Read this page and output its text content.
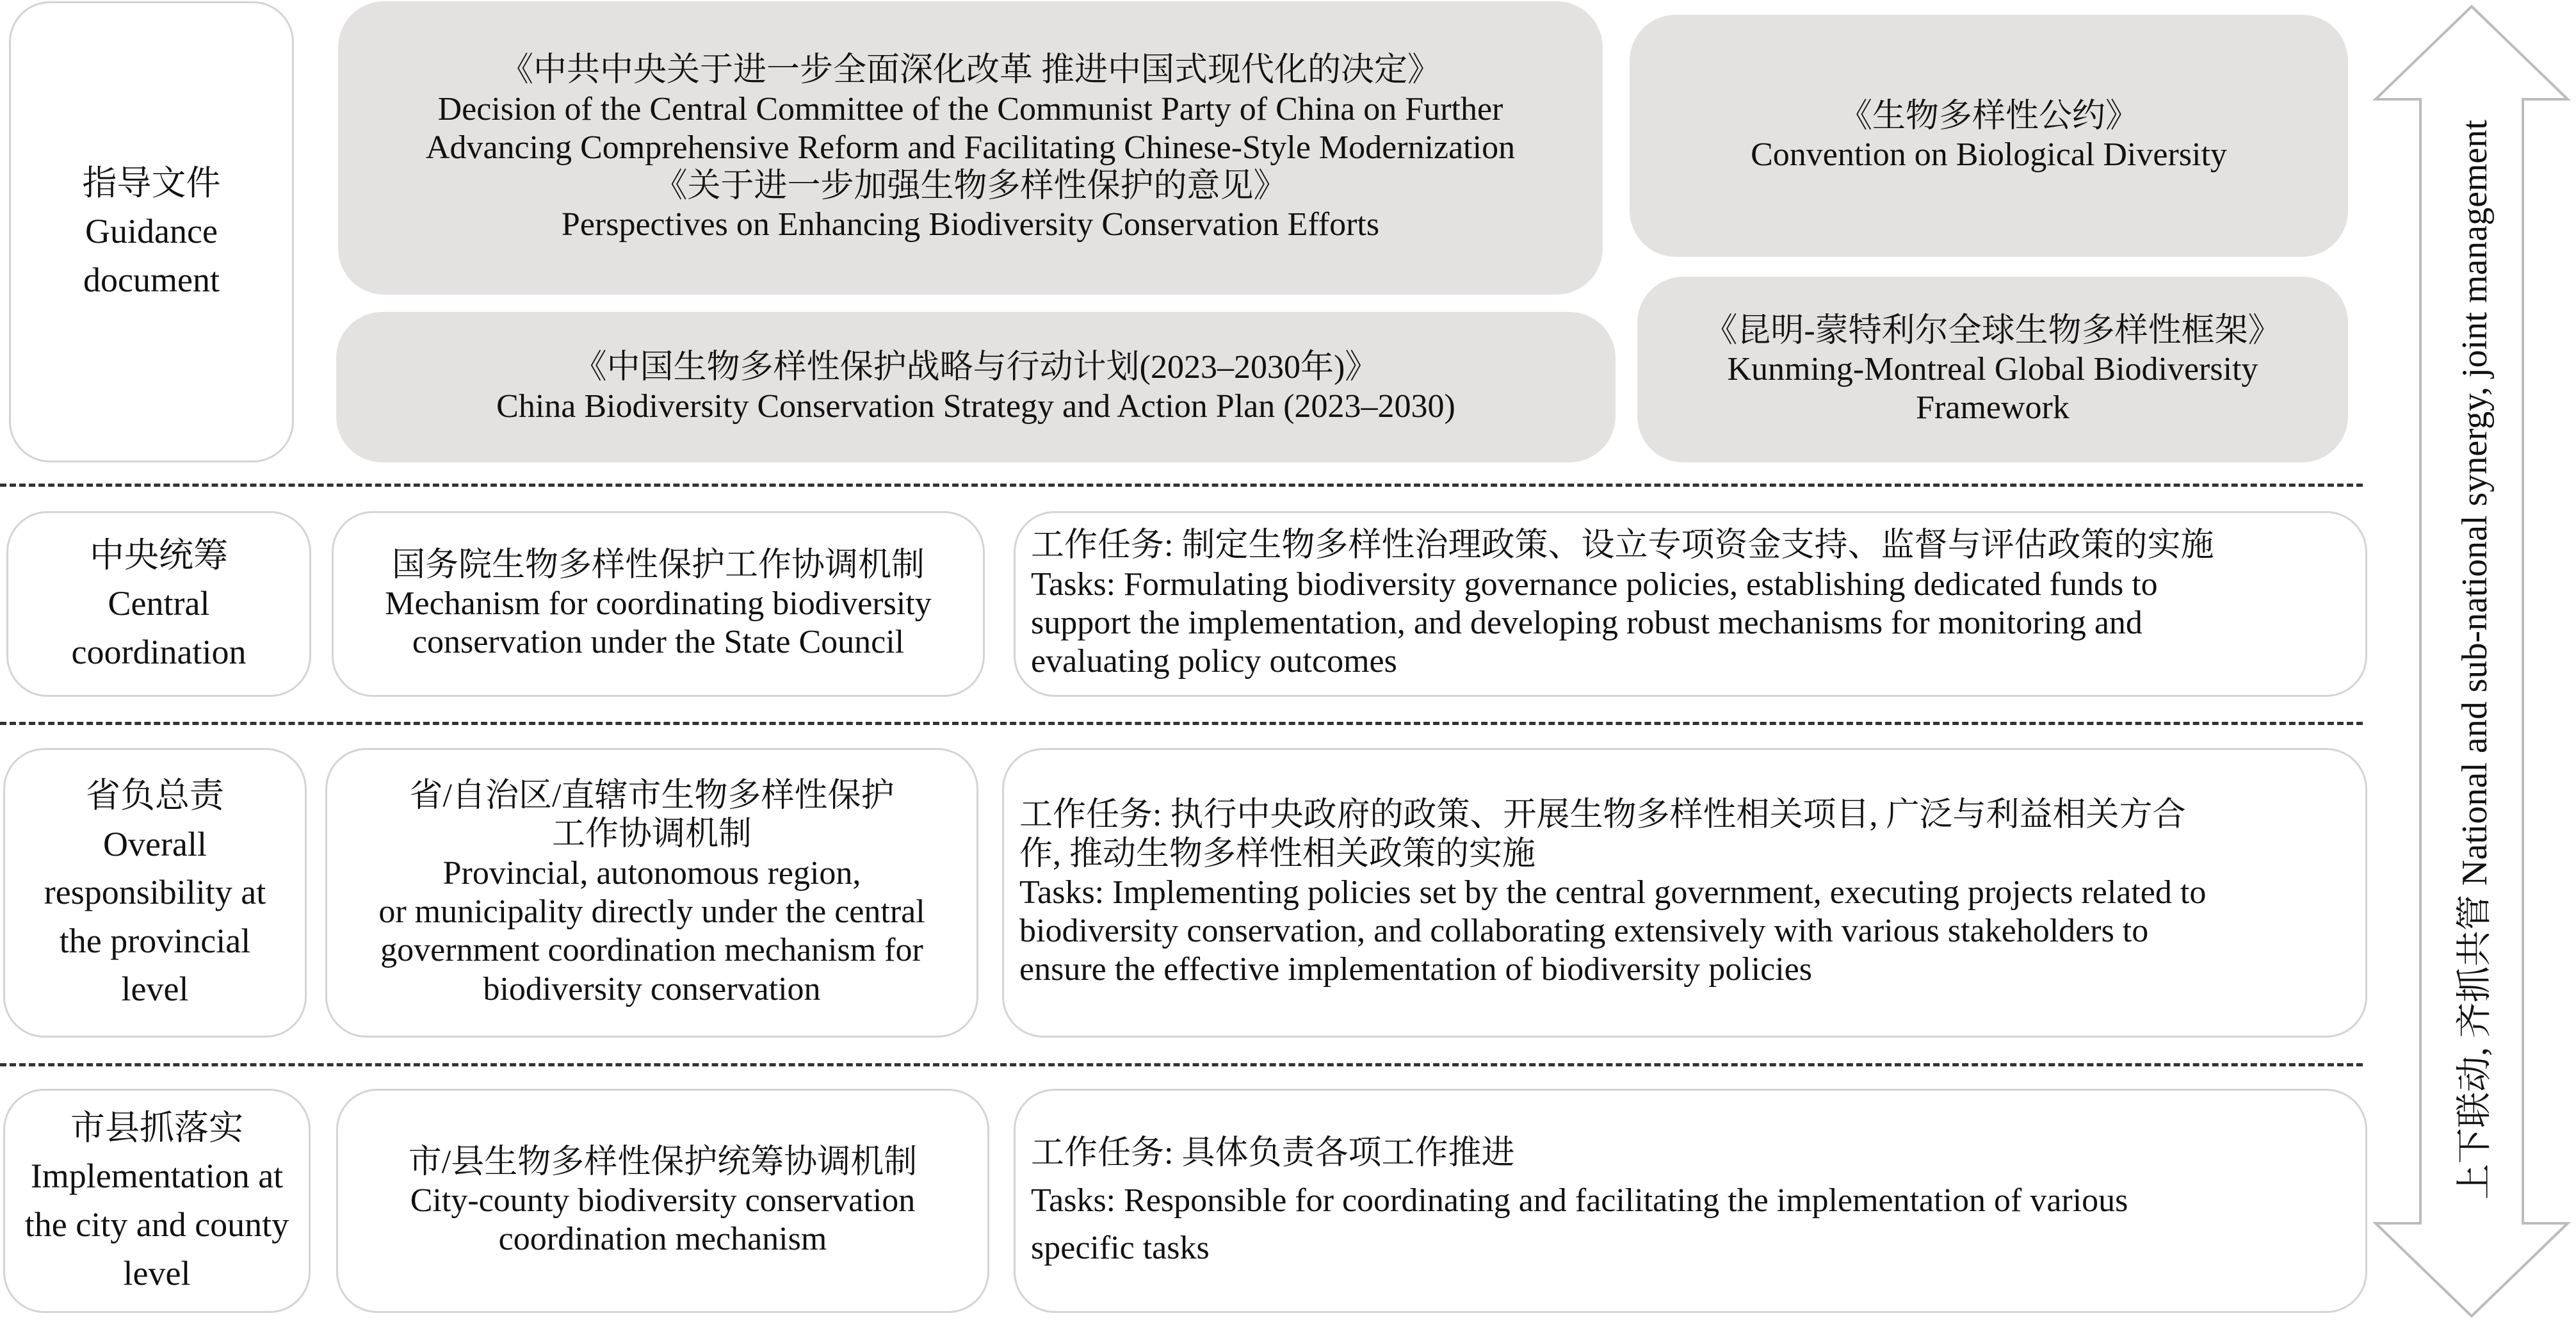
指导文件
Guidance
document
《中共中央关于进一步全面深化改革 推进中国式现代化的决定》
Decision of the Central Committee of the Communist Party of China on Further
Advancing Comprehensive Reform and Facilitating Chinese-Style Modernization
《关于进一步加强生物多样性保护的意见》
Perspectives on Enhancing Biodiversity Conservation Efforts
《生物多样性公约》
Convention on Biological Diversity
《中国生物多样性保护战略与行动计划(2023–2030年)》
China Biodiversity Conservation Strategy and Action Plan (2023–2030)
《昆明-蒙特利尔全球生物多样性框架》
Kunming-Montreal Global Biodiversity
Framework
中央统筹
Central
coordination
国务院生物多样性保护工作协调机制
Mechanism for coordinating biodiversity
conservation under the State Council
工作任务: 制定生物多样性治理政策、设立专项资金支持、监督与评估政策的实施
Tasks: Formulating biodiversity governance policies, establishing dedicated funds to
support the implementation, and developing robust mechanisms for monitoring and
evaluating policy outcomes
省负总责
Overall
responsibility at
the provincial
level
省/自治区/直辖市生物多样性保护
工作协调机制
Provincial, autonomous region,
or municipality directly under the central
government coordination mechanism for
biodiversity conservation
工作任务: 执行中央政府的政策、开展生物多样性相关项目, 广泛与利益相关方合
作, 推动生物多样性相关政策的实施
Tasks: Implementing policies set by the central government, executing projects related to
biodiversity conservation, and collaborating extensively with various stakeholders to
ensure the effective implementation of biodiversity policies
市县抓落实
Implementation at
the city and county
level
市/县生物多样性保护统筹协调机制
City-county biodiversity conservation
coordination mechanism
工作任务: 具体负责各项工作推进
Tasks: Responsible for coordinating and facilitating the implementation of various
specific tasks
上下联动, 齐抓共管 National and sub-national synergy, joint management
